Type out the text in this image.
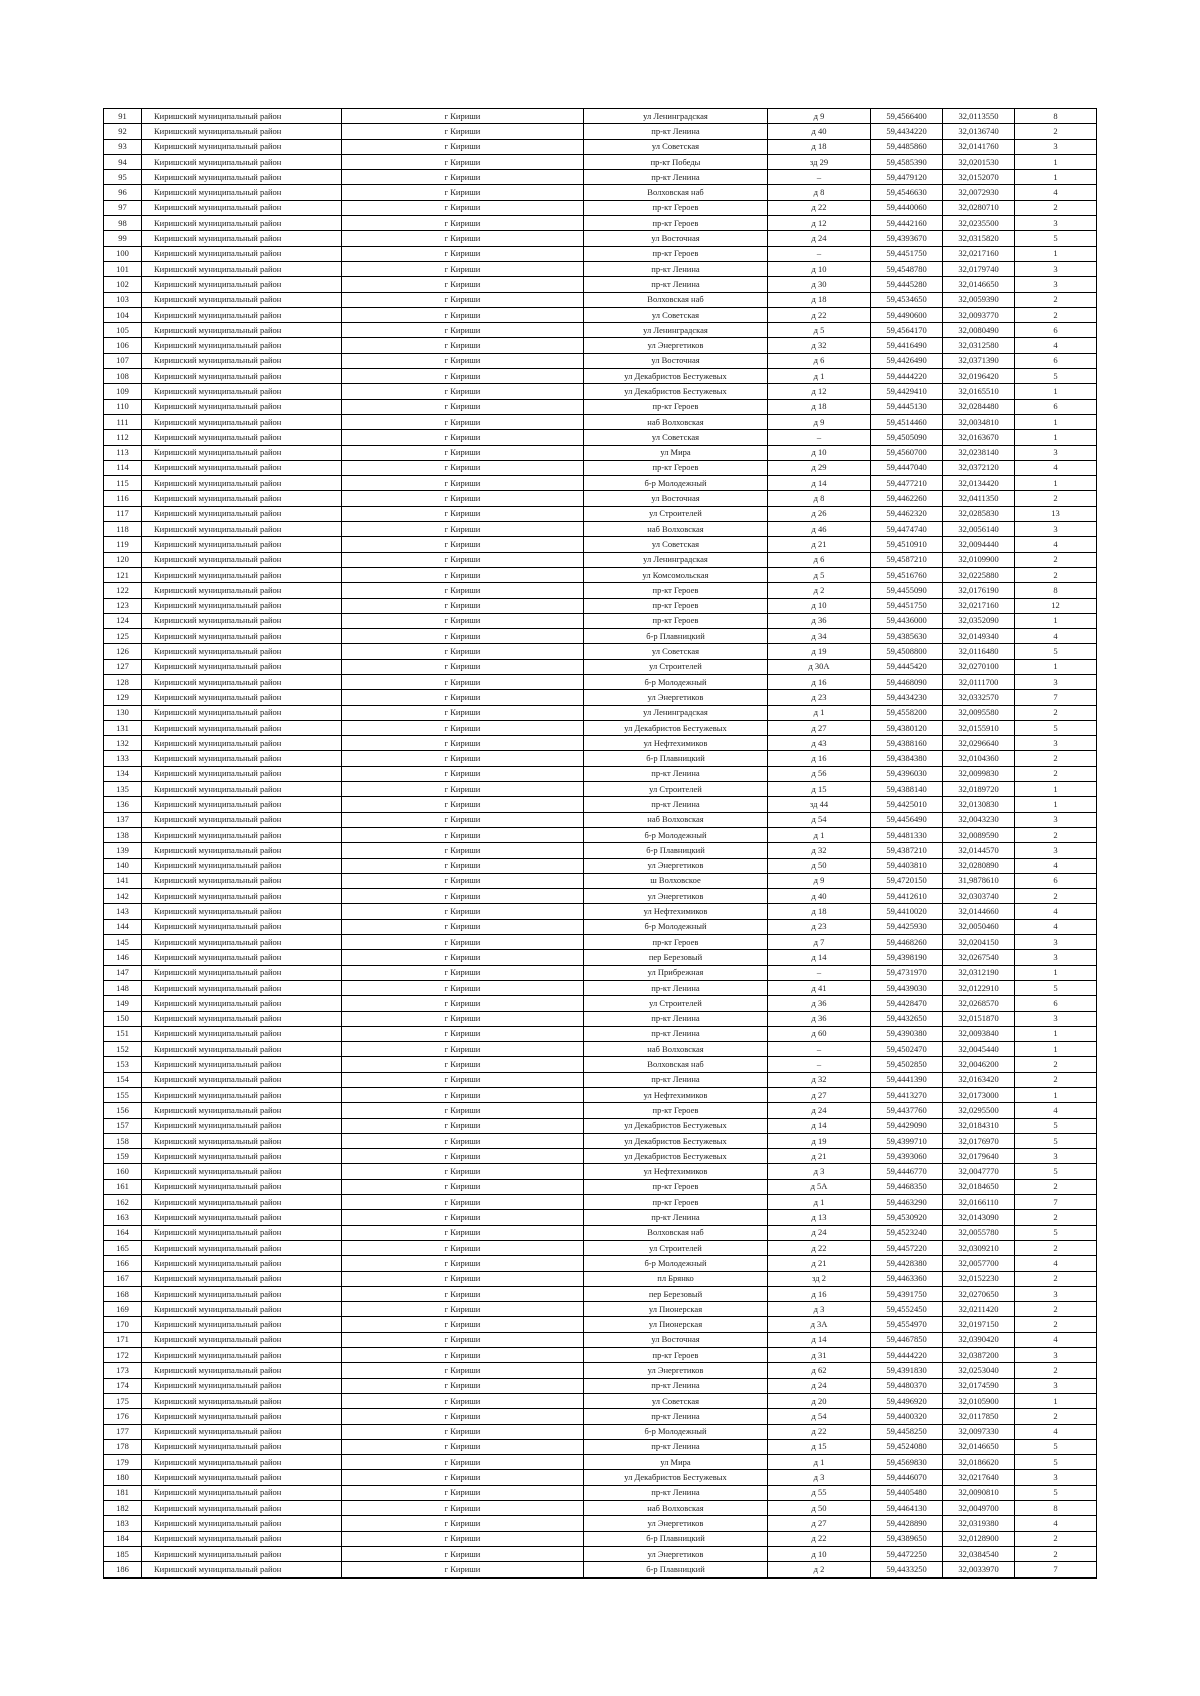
91	Киришский муниципальный район	г Кириши	ул Ленинградская	д 9	59,4566400	32,0113550	8
92	Киришский муниципальный район	г Кириши	пр-кт Ленина	д 40	59,4434220	32,0136740	2
93	Киришский муниципальный район	г Кириши	ул Советская	д 18	59,4485860	32,0141760	3
94	Киришский муниципальный район	г Кириши	пр-кт Победы	зд 29	59,4585390	32,0201530	1
95	Киришский муниципальный район	г Кириши	пр-кт Ленина	–	59,4479120	32,0152070	1
96	Киришский муниципальный район	г Кириши	Волховская наб	д 8	59,4546630	32,0072930	4
97	Киришский муниципальный район	г Кириши	пр-кт Героев	д 22	59,4440060	32,0280710	2
98	Киришский муниципальный район	г Кириши	пр-кт Героев	д 12	59,4442160	32,0235500	3
99	Киришский муниципальный район	г Кириши	ул Восточная	д 24	59,4393670	32,0315820	5
100	Киришский муниципальный район	г Кириши	пр-кт Героев	–	59,4451750	32,0217160	1
101	Киришский муниципальный район	г Кириши	пр-кт Ленина	д 10	59,4548780	32,0179740	3
102	Киришский муниципальный район	г Кириши	пр-кт Ленина	д 30	59,4445280	32,0146650	3
103	Киришский муниципальный район	г Кириши	Волховская наб	д 18	59,4534650	32,0059390	2
104	Киришский муниципальный район	г Кириши	ул Советская	д 22	59,4490600	32,0093770	2
105	Киришский муниципальный район	г Кириши	ул Ленинградская	д 5	59,4564170	32,0080490	6
106	Киришский муниципальный район	г Кириши	ул Энергетиков	д 32	59,4416490	32,0312580	4
107	Киришский муниципальный район	г Кириши	ул Восточная	д 6	59,4426490	32,0371390	6
108	Киришский муниципальный район	г Кириши	ул Декабристов Бестужевых	д 1	59,4444220	32,0196420	5
109	Киришский муниципальный район	г Кириши	ул Декабристов Бестужевых	д 12	59,4429410	32,0165510	1
110	Киришский муниципальный район	г Кириши	пр-кт Героев	д 18	59,4445130	32,0284480	6
111	Киришский муниципальный район	г Кириши	наб Волховская	д 9	59,4514460	32,0034810	1
112	Киришский муниципальный район	г Кириши	ул Советская	–	59,4505090	32,0163670	1
113	Киришский муниципальный район	г Кириши	ул Мира	д 10	59,4560700	32,0238140	3
114	Киришский муниципальный район	г Кириши	пр-кт Героев	д 29	59,4447040	32,0372120	4
115	Киришский муниципальный район	г Кириши	б-р Молодежный	д 14	59,4477210	32,0134420	1
116	Киришский муниципальный район	г Кириши	ул Восточная	д 8	59,4462260	32,0411350	2
117	Киришский муниципальный район	г Кириши	ул Строителей	д 26	59,4462320	32,0285830	13
118	Киришский муниципальный район	г Кириши	наб Волховская	д 46	59,4474740	32,0056140	3
119	Киришский муниципальный район	г Кириши	ул Советская	д 21	59,4510910	32,0094440	4
120	Киришский муниципальный район	г Кириши	ул Ленинградская	д 6	59,4587210	32,0109900	2
121	Киришский муниципальный район	г Кириши	ул Комсомольская	д 5	59,4516760	32,0225880	2
122	Киришский муниципальный район	г Кириши	пр-кт Героев	д 2	59,4455090	32,0176190	8
123	Киришский муниципальный район	г Кириши	пр-кт Героев	д 10	59,4451750	32,0217160	12
124	Киришский муниципальный район	г Кириши	пр-кт Героев	д 36	59,4436000	32,0352090	1
125	Киришский муниципальный район	г Кириши	б-р Плавницкий	д 34	59,4385630	32,0149340	4
126	Киришский муниципальный район	г Кириши	ул Советская	д 19	59,4508800	32,0116480	5
127	Киришский муниципальный район	г Кириши	ул Строителей	д 30А	59,4445420	32,0270100	1
128	Киришский муниципальный район	г Кириши	б-р Молодежный	д 16	59,4468090	32,0111700	3
129	Киришский муниципальный район	г Кириши	ул Энергетиков	д 23	59,4434230	32,0332570	7
130	Киришский муниципальный район	г Кириши	ул Ленинградская	д 1	59,4558200	32,0095580	2
131	Киришский муниципальный район	г Кириши	ул Декабристов Бестужевых	д 27	59,4380120	32,0155910	5
132	Киришский муниципальный район	г Кириши	ул Нефтехимиков	д 43	59,4388160	32,0296640	3
133	Киришский муниципальный район	г Кириши	б-р Плавницкий	д 16	59,4384380	32,0104360	2
134	Киришский муниципальный район	г Кириши	пр-кт Ленина	д 56	59,4396030	32,0099830	2
135	Киришский муниципальный район	г Кириши	ул Строителей	д 15	59,4388140	32,0189720	1
136	Киришский муниципальный район	г Кириши	пр-кт Ленина	зд 44	59,4425010	32,0130830	1
137	Киришский муниципальный район	г Кириши	наб Волховская	д 54	59,4456490	32,0043230	3
138	Киришский муниципальный район	г Кириши	б-р Молодежный	д 1	59,4481330	32,0089590	2
139	Киришский муниципальный район	г Кириши	б-р Плавницкий	д 32	59,4387210	32,0144570	3
140	Киришский муниципальный район	г Кириши	ул Энергетиков	д 50	59,4403810	32,0280890	4
141	Киришский муниципальный район	г Кириши	ш Волховское	д 9	59,4720150	31,9878610	6
142	Киришский муниципальный район	г Кириши	ул Энергетиков	д 40	59,4412610	32,0303740	2
143	Киришский муниципальный район	г Кириши	ул Нефтехимиков	д 18	59,4410020	32,0144660	4
144	Киришский муниципальный район	г Кириши	б-р Молодежный	д 23	59,4425930	32,0050460	4
145	Киришский муниципальный район	г Кириши	пр-кт Героев	д 7	59,4468260	32,0204150	3
146	Киришский муниципальный район	г Кириши	пер Березовый	д 14	59,4398190	32,0267540	3
147	Киришский муниципальный район	г Кириши	ул Прибрежная	–	59,4731970	32,0312190	1
148	Киришский муниципальный район	г Кириши	пр-кт Ленина	д 41	59,4439030	32,0122910	5
149	Киришский муниципальный район	г Кириши	ул Строителей	д 36	59,4428470	32,0268570	6
150	Киришский муниципальный район	г Кириши	пр-кт Ленина	д 36	59,4432650	32,0151870	3
151	Киришский муниципальный район	г Кириши	пр-кт Ленина	д 60	59,4390380	32,0093840	1
152	Киришский муниципальный район	г Кириши	наб Волховская	–	59,4502470	32,0045440	1
153	Киришский муниципальный район	г Кириши	Волховская наб	–	59,4502850	32,0046200	2
154	Киришский муниципальный район	г Кириши	пр-кт Ленина	д 32	59,4441390	32,0163420	2
155	Киришский муниципальный район	г Кириши	ул Нефтехимиков	д 27	59,4413270	32,0173000	1
156	Киришский муниципальный район	г Кириши	пр-кт Героев	д 24	59,4437760	32,0295500	4
157	Киришский муниципальный район	г Кириши	ул Декабристов Бестужевых	д 14	59,4429090	32,0184310	5
158	Киришский муниципальный район	г Кириши	ул Декабристов Бестужевых	д 19	59,4399710	32,0176970	5
159	Киришский муниципальный район	г Кириши	ул Декабристов Бестужевых	д 21	59,4393060	32,0179640	3
160	Киришский муниципальный район	г Кириши	ул Нефтехимиков	д 3	59,4446770	32,0047770	5
161	Киришский муниципальный район	г Кириши	пр-кт Героев	д 5А	59,4468350	32,0184650	2
162	Киришский муниципальный район	г Кириши	пр-кт Героев	д 1	59,4463290	32,0166110	7
163	Киришский муниципальный район	г Кириши	пр-кт Ленина	д 13	59,4530920	32,0143090	2
164	Киришский муниципальный район	г Кириши	Волховская наб	д 24	59,4523240	32,0055780	5
165	Киришский муниципальный район	г Кириши	ул Строителей	д 22	59,4457220	32,0309210	2
166	Киришский муниципальный район	г Кириши	б-р Молодежный	д 21	59,4428380	32,0057700	4
167	Киришский муниципальный район	г Кириши	пл Брянко	зд 2	59,4463360	32,0152230	2
168	Киришский муниципальный район	г Кириши	пер Березовый	д 16	59,4391750	32,0270650	3
169	Киришский муниципальный район	г Кириши	ул Пионерская	д 3	59,4552450	32,0211420	2
170	Киришский муниципальный район	г Кириши	ул Пионерская	д 3А	59,4554970	32,0197150	2
171	Киришский муниципальный район	г Кириши	ул Восточная	д 14	59,4467850	32,0390420	4
172	Киришский муниципальный район	г Кириши	пр-кт Героев	д 31	59,4444220	32,0387200	3
173	Киришский муниципальный район	г Кириши	ул Энергетиков	д 62	59,4391830	32,0253040	2
174	Киришский муниципальный район	г Кириши	пр-кт Ленина	д 24	59,4480370	32,0174590	3
175	Киришский муниципальный район	г Кириши	ул Советская	д 20	59,4496920	32,0105900	1
176	Киришский муниципальный район	г Кириши	пр-кт Ленина	д 54	59,4400320	32,0117850	2
177	Киришский муниципальный район	г Кириши	б-р Молодежный	д 22	59,4458250	32,0097330	4
178	Киришский муниципальный район	г Кириши	пр-кт Ленина	д 15	59,4524080	32,0146650	5
179	Киришский муниципальный район	г Кириши	ул Мира	д 1	59,4569830	32,0186620	5
180	Киришский муниципальный район	г Кириши	ул Декабристов Бестужевых	д 3	59,4446070	32,0217640	3
181	Киришский муниципальный район	г Кириши	пр-кт Ленина	д 55	59,4405480	32,0090810	5
182	Киришский муниципальный район	г Кириши	наб Волховская	д 50	59,4464130	32,0049700	8
183	Киришский муниципальный район	г Кириши	ул Энергетиков	д 27	59,4428890	32,0319380	4
184	Киришский муниципальный район	г Кириши	б-р Плавницкий	д 22	59,4389650	32,0128900	2
185	Киришский муниципальный район	г Кириши	ул Энергетиков	д 10	59,4472250	32,0384540	2
186	Киришский муниципальный район	г Кириши	б-р Плавницкий	д 2	59,4433250	32,0033970	7
